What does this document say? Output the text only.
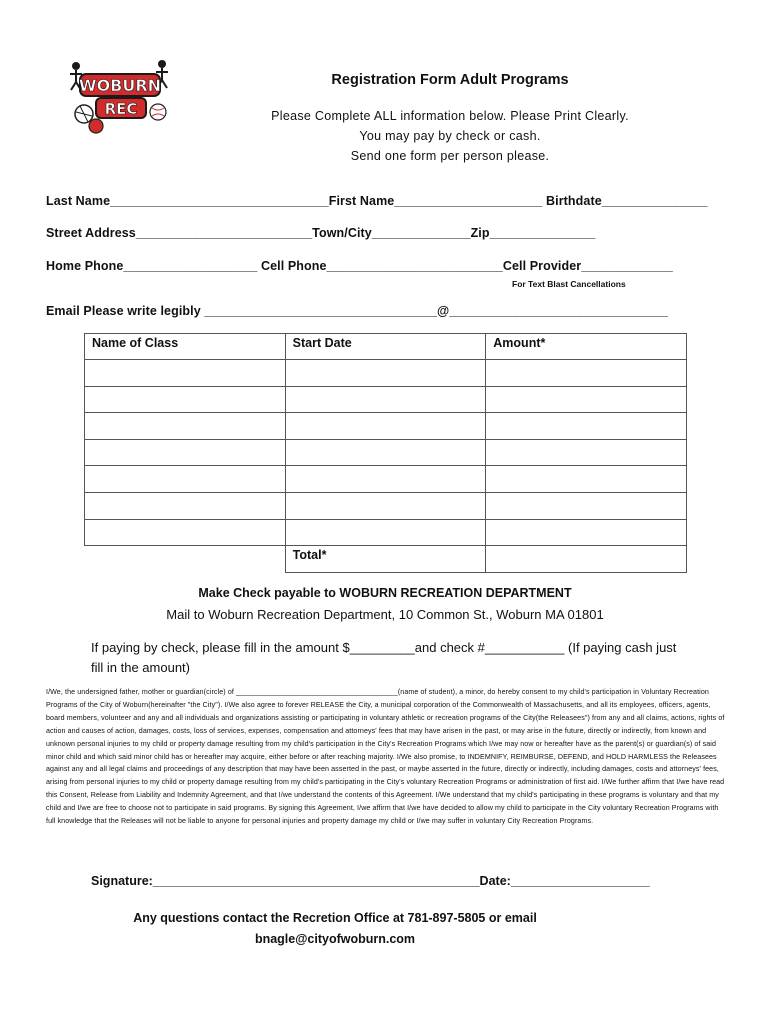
WOBURN
REC
Registration Form Adult Programs
Please Complete ALL information below. Please Print Clearly.
You may pay by check or cash.
Send one form per person please.
Last Name_______________________________First Name_____________________ Birthdate_______________
Street Address_________________________Town/City______________Zip_______________
Home Phone___________________ Cell Phone_________________________Cell Provider_____________
For Text Blast Cancellations
Email Please write legibly _________________________________@_______________________________
Name of Class	Start Date	Amount*

	Total*	
Make Check payable to WOBURN RECREATION DEPARTMENT
Mail to Woburn Recreation Department, 10 Common St., Woburn MA 01801
If paying by check, please fill in the amount $_________and check #___________ (If paying cash just fill in the amount)
I/We, the undersigned father, mother or guardian(circle) of ________________________________________(name of student), a minor, do hereby consent to my child's participation in Voluntary Recreation Programs of the City of Woburn(hereinafter "the City"). I/We also agree to forever RELEASE the City, a municipal corporation of the Commonwealth of Massachusetts, and all its employees, officers, agents, board members, volunteer and any and all individuals and organizations assisting or participating in voluntary athletic or recreation programs of the City(the Releasees") from any and all claims, actions, rights of action and causes of action, damages, costs, loss of services, expenses, compensation and attorneys' fees that may have arisen in the past, or may arise in the future, directly or indirectly, from known and unknown personal injuries to my child or property damage resulting from my child's participation in the City's Recreation Programs which I/we may now or hereafter have as the parent(s) or guardian(s) of said minor child and which said minor child has or hereafter may acquire, either before or after reaching majority. I/We also promise, to INDEMNIFY, REIMBURSE, DEFEND, and HOLD HARMLESS the Releasees against any and all legal claims and proceedings of any description that may have been asserted in the past, or maybe asserted in the future, directly or indirectly, including damages, costs and attorneys' fees, arising from personal injuries to my child or property damage resulting from my child's participating in the City's voluntary Recreation Programs or administration of first aid. I/We further affirm that I/we have read this Consent, Release from Liability and Indemnity Agreement, and that I/we understand the contents of this Agreement. I/We understand that my child's participating in these programs is voluntary and that my child and I/we are free to choose not to participate in said programs. By signing this Agreement, I/we affirm that I/we have decided to allow my child to participate in the City voluntary Recreation Programs with full knowledge that the Releases will not be liable to anyone for personal injuries and property damage my child or I/we may suffer in voluntary City Recreation Programs.
Signature:_______________________________________________Date:____________________
Any questions contact the Recretion Office at 781-897-5805 or email
bnagle@cityofwoburn.com
